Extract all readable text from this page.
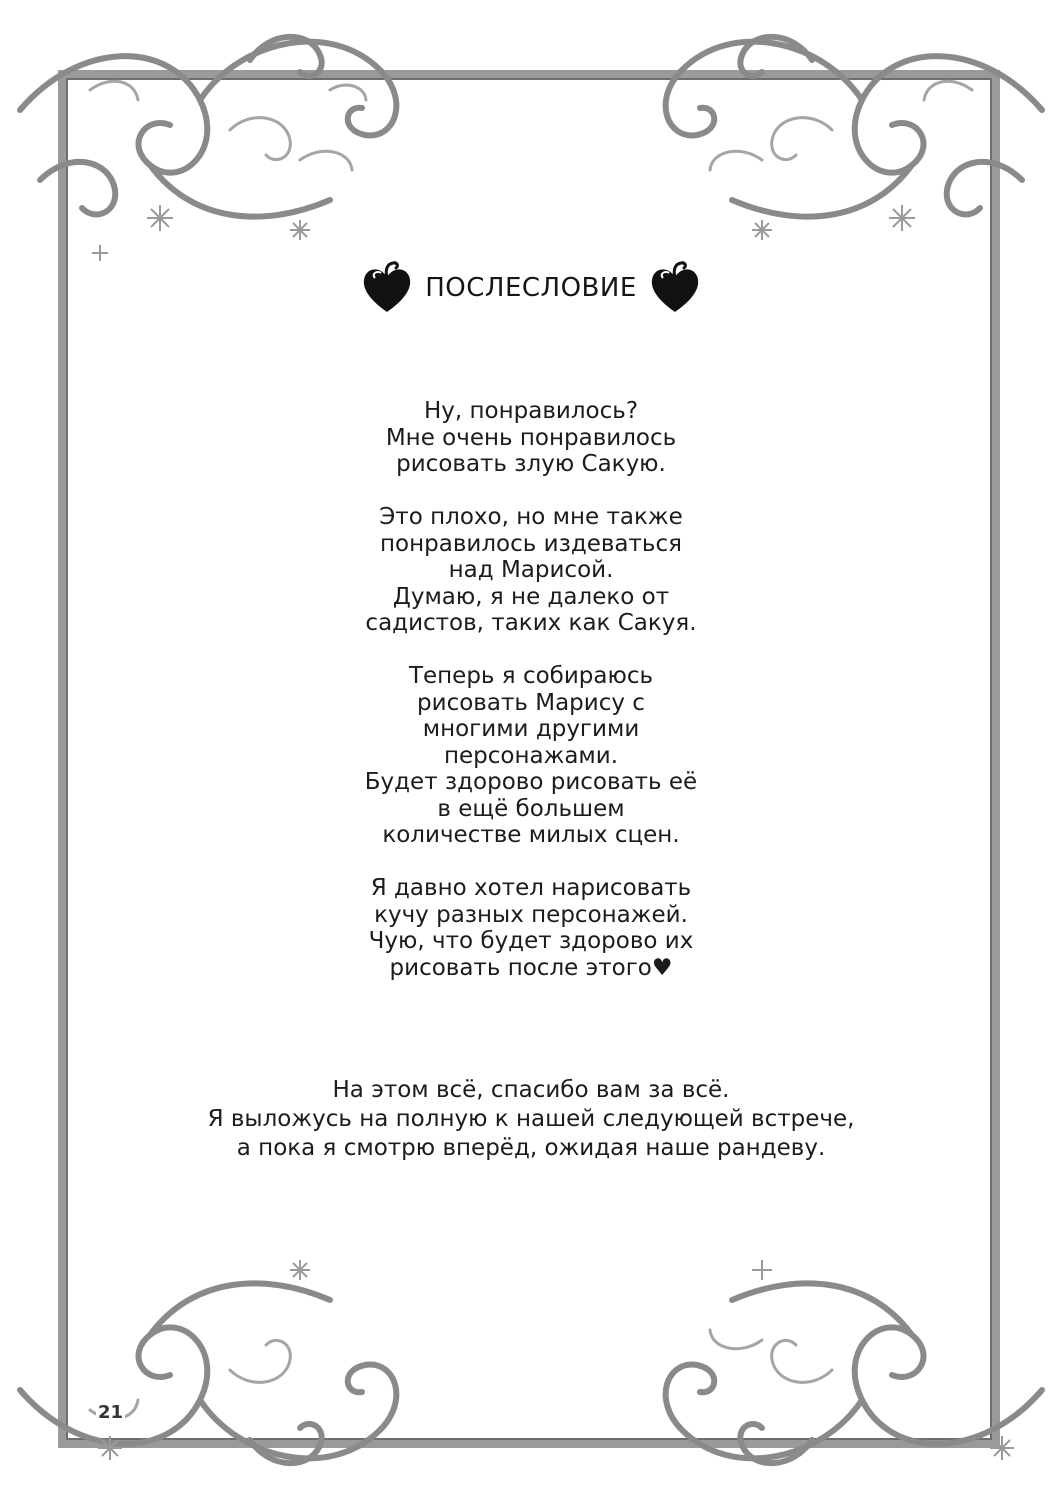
ПОСЛЕСЛОВИЕ

Ну, понравилось?
Мне очень понравилось
рисовать злую Сакую.

Это плохо, но мне также
понравилось издеваться
над Марисой.
Думаю, я не далеко от
садистов, таких как Сакуя.

Теперь я собираюсь
рисовать Марису с
многими другими
персонажами.
Будет здорово рисовать её
в ещё большем
количестве милых сцен.

Я давно хотел нарисовать
кучу разных персонажей.
Чую, что будет здорово их
рисовать после этого♥

На этом всё, спасибо вам за всё.
Я выложусь на полную к нашей следующей встрече,
а пока я смотрю вперёд, ожидая наше рандеву.
21
